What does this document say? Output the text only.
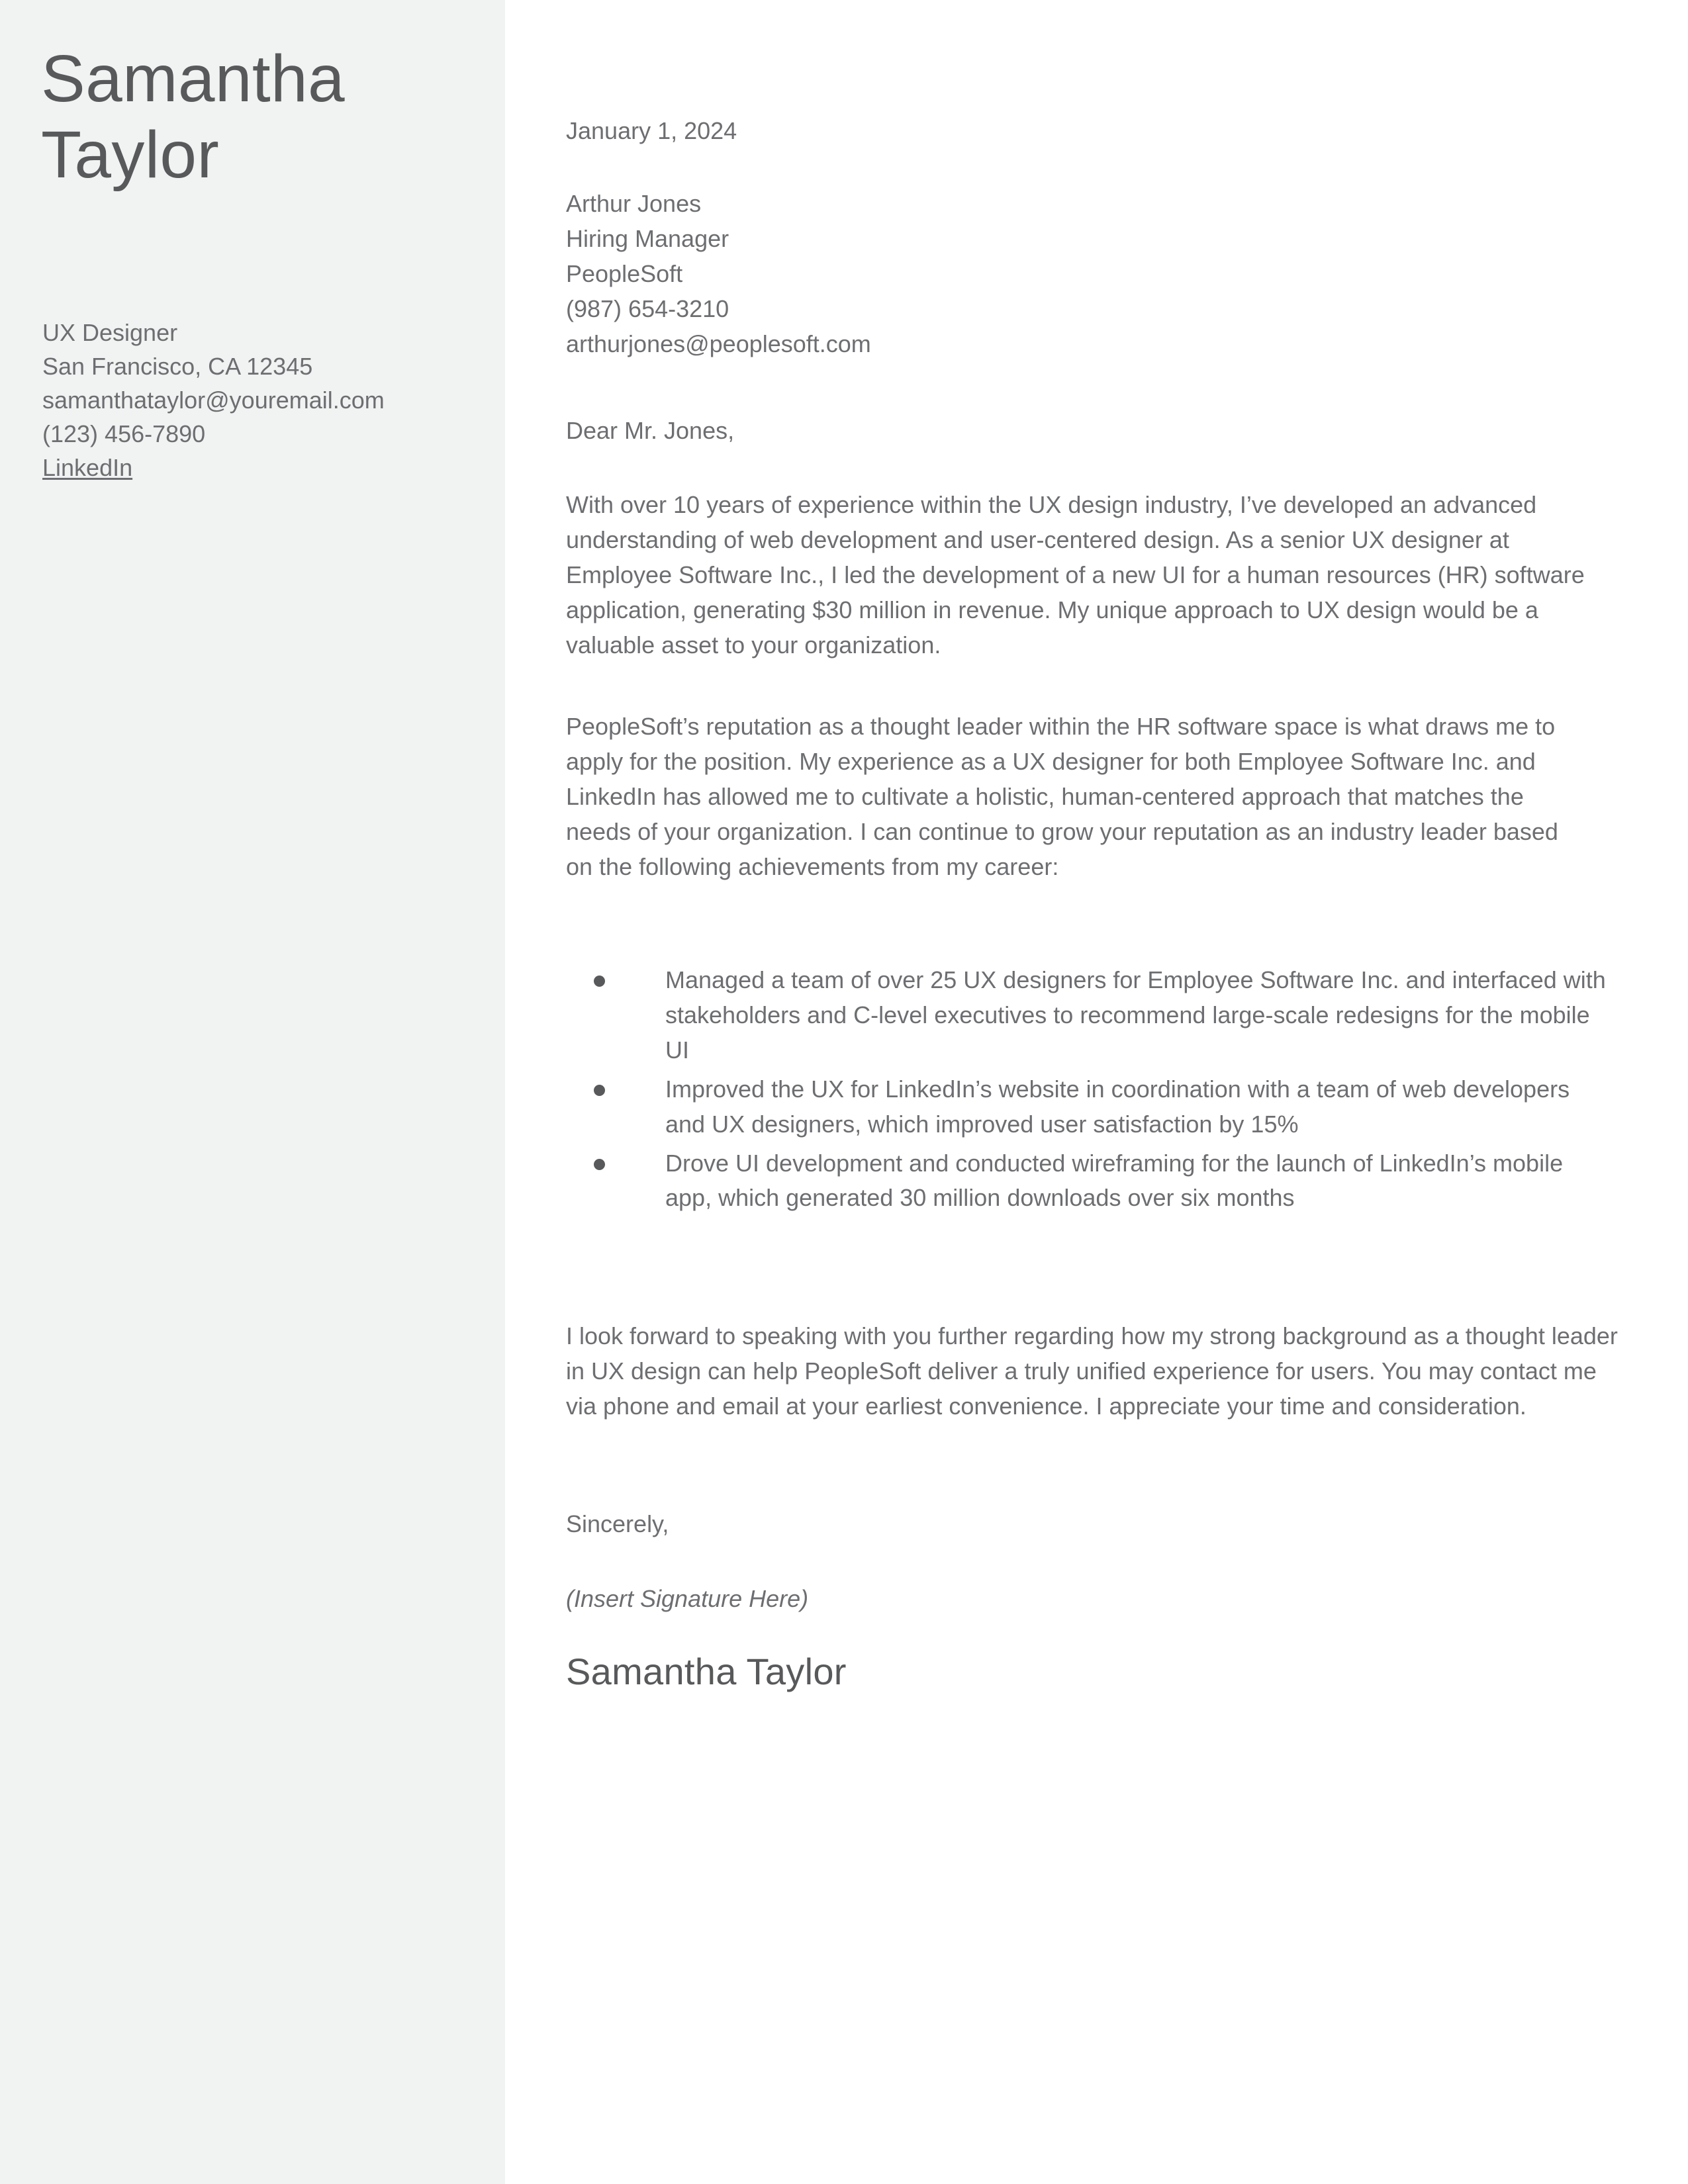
Samantha
Taylor
UX Designer
San Francisco, CA 12345
samanthataylor@youremail.com
(123) 456-7890
LinkedIn
January 1, 2024
Arthur Jones
Hiring Manager
PeopleSoft
(987) 654-3210
arthurjones@peoplesoft.com
Dear Mr. Jones,

With over 10 years of experience within the UX design industry, I’ve developed an advanced understanding of web development and user-centered design. As a senior UX designer at Employee Software Inc., I led the development of a new UI for a human resources (HR) software application, generating $30 million in revenue. My unique approach to UX design would be a valuable asset to your organization.

PeopleSoft’s reputation as a thought leader within the HR software space is what draws me to apply for the position. My experience as a UX designer for both Employee Software Inc. and LinkedIn has allowed me to cultivate a holistic, human-centered approach that matches the needs of your organization. I can continue to grow your reputation as an industry leader based on the following achievements from my career:

Managed a team of over 25 UX designers for Employee Software Inc. and interfaced with stakeholders and C-level executives to recommend large-scale redesigns for the mobile UI
Improved the UX for LinkedIn’s website in coordination with a team of web developers and UX designers, which improved user satisfaction by 15%
Drove UI development and conducted wireframing for the launch of LinkedIn’s mobile app, which generated 30 million downloads over six months

I look forward to speaking with you further regarding how my strong background as a thought leader in UX design can help PeopleSoft deliver a truly unified experience for users. You may contact me via phone and email at your earliest convenience. I appreciate your time and consideration.

Sincerely,
(Insert Signature Here)
Samantha Taylor
